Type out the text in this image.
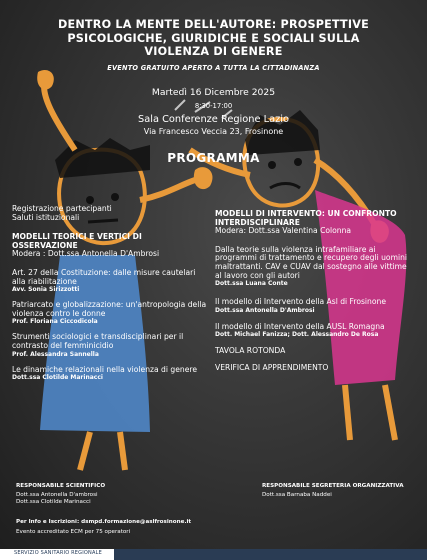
DENTRO LA MENTE DELL'AUTORE: PROSPETTIVE
PSICOLOGICHE, GIURIDICHE E SOCIALI SULLA
VIOLENZA DI GENERE
EVENTO GRATUITO APERTO A TUTTA LA CITTADINANZA
Martedì 16 Dicembre 2025
8:30-17:00
Sala Conferenze Regione Lazio
Via Francesco Veccia 23, Frosinone
PROGRAMMA
Registrazione partecipanti
Saluti istituzionali
MODELLI TEORICI E VERTICI DI OSSERVAZIONE
Modera : Dott.ssa Antonella D'Ambrosi
Art. 27 della Costituzione: dalle misure cautelari alla riabilitazione
Avv. Sonia Sirizzotti
Patriarcato e globalizzazione: un'antropologia della violenza contro le donne
Prof. Floriana Ciccodicola
Strumenti sociologici e transdisciplinari per il contrasto del femminicidio
Prof. Alessandra Sannella
Le dinamiche relazionali nella violenza di genere
Dott.ssa Clotilde Marinacci
MODELLI DI INTERVENTO: UN CONFRONTO INTERDISCIPLINARE
Modera: Dott.ssa Valentina Colonna
Dalla teorie sulla violenza intrafamiliare ai programmi di trattamento e recupero degli uomini maltrattanti. CAV e CUAV dal sostegno alle vittime al lavoro con gli autori
Dott.ssa Luana Conte
Il modello di Intervento della Asl di Frosinone
Dott.ssa Antonella D'Ambrosi
Il modello di Intervento della AUSL Romagna
Dott. Michael Fanizza; Dott. Alessandro De Rosa
TAVOLA ROTONDA
VERIFICA DI APPRENDIMENTO
RESPONSABILE SCIENTIFICO
Dott.ssa Antonella D'ambrosi
Dott.ssa Clotilde Marinacci
RESPONSABILE SEGRETERIA ORGANIZZATIVA
Dott.ssa Barnaba Naddei
Per Info e Iscrizioni: dsmpd.formazione@aslfrosinone.it
Evento accreditato ECM per 75 operatori
SERVIZIO SANITARIO REGIONALE
